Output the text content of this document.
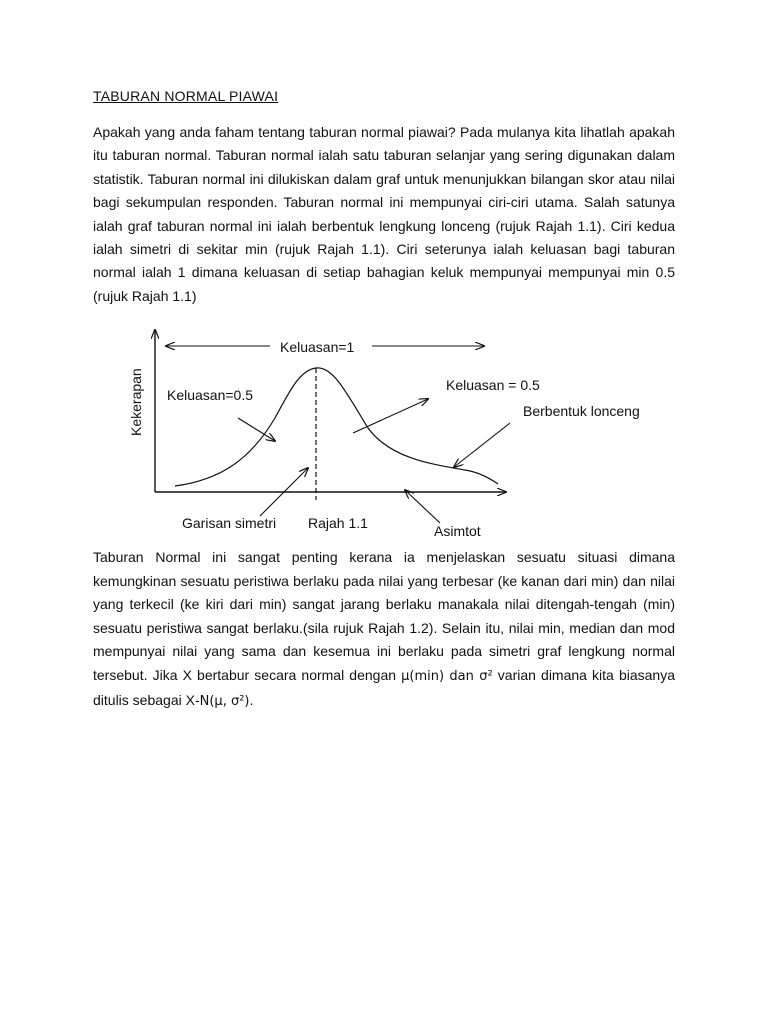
TABURAN NORMAL PIAWAI

Apakah yang anda faham tentang taburan normal piawai? Pada mulanya kita lihatlah apakah itu taburan normal. Taburan normal ialah satu taburan selanjar yang sering digunakan dalam statistik. Taburan normal ini dilukiskan dalam graf untuk menunjukkan bilangan skor atau nilai bagi sekumpulan responden. Taburan normal ini mempunyai ciri-ciri utama. Salah satunya ialah graf taburan normal ini ialah berbentuk lengkung lonceng (rujuk Rajah 1.1). Ciri kedua ialah simetri di sekitar min (rujuk Rajah 1.1). Ciri seterunya ialah keluasan bagi taburan normal ialah 1 dimana keluasan di setiap bahagian keluk mempunyai mempunyai min 0.5 (rujuk Rajah 1.1)

Kekerapan
Keluasan=1
Keluasan=0.5
Keluasan = 0.5
Berbentuk lonceng
Garisan simetri Rajah 1.1	Asimtot

Taburan Normal ini sangat penting kerana ia menjelaskan sesuatu situasi dimana kemungkinan sesuatu peristiwa berlaku pada nilai yang terbesar (ke kanan dari min) dan nilai yang terkecil (ke kiri dari min) sangat jarang berlaku manakala nilai ditengah-tengah (min) sesuatu peristiwa sangat berlaku.(sila rujuk Rajah 1.2). Selain itu, nilai min, median dan mod mempunyai nilai yang sama dan kesemua ini berlaku pada simetri graf lengkung normal tersebut. Jika X bertabur secara normal dengan μ(min) dan σ² varian dimana kita biasanya ditulis sebagai X-N(μ, σ²).
